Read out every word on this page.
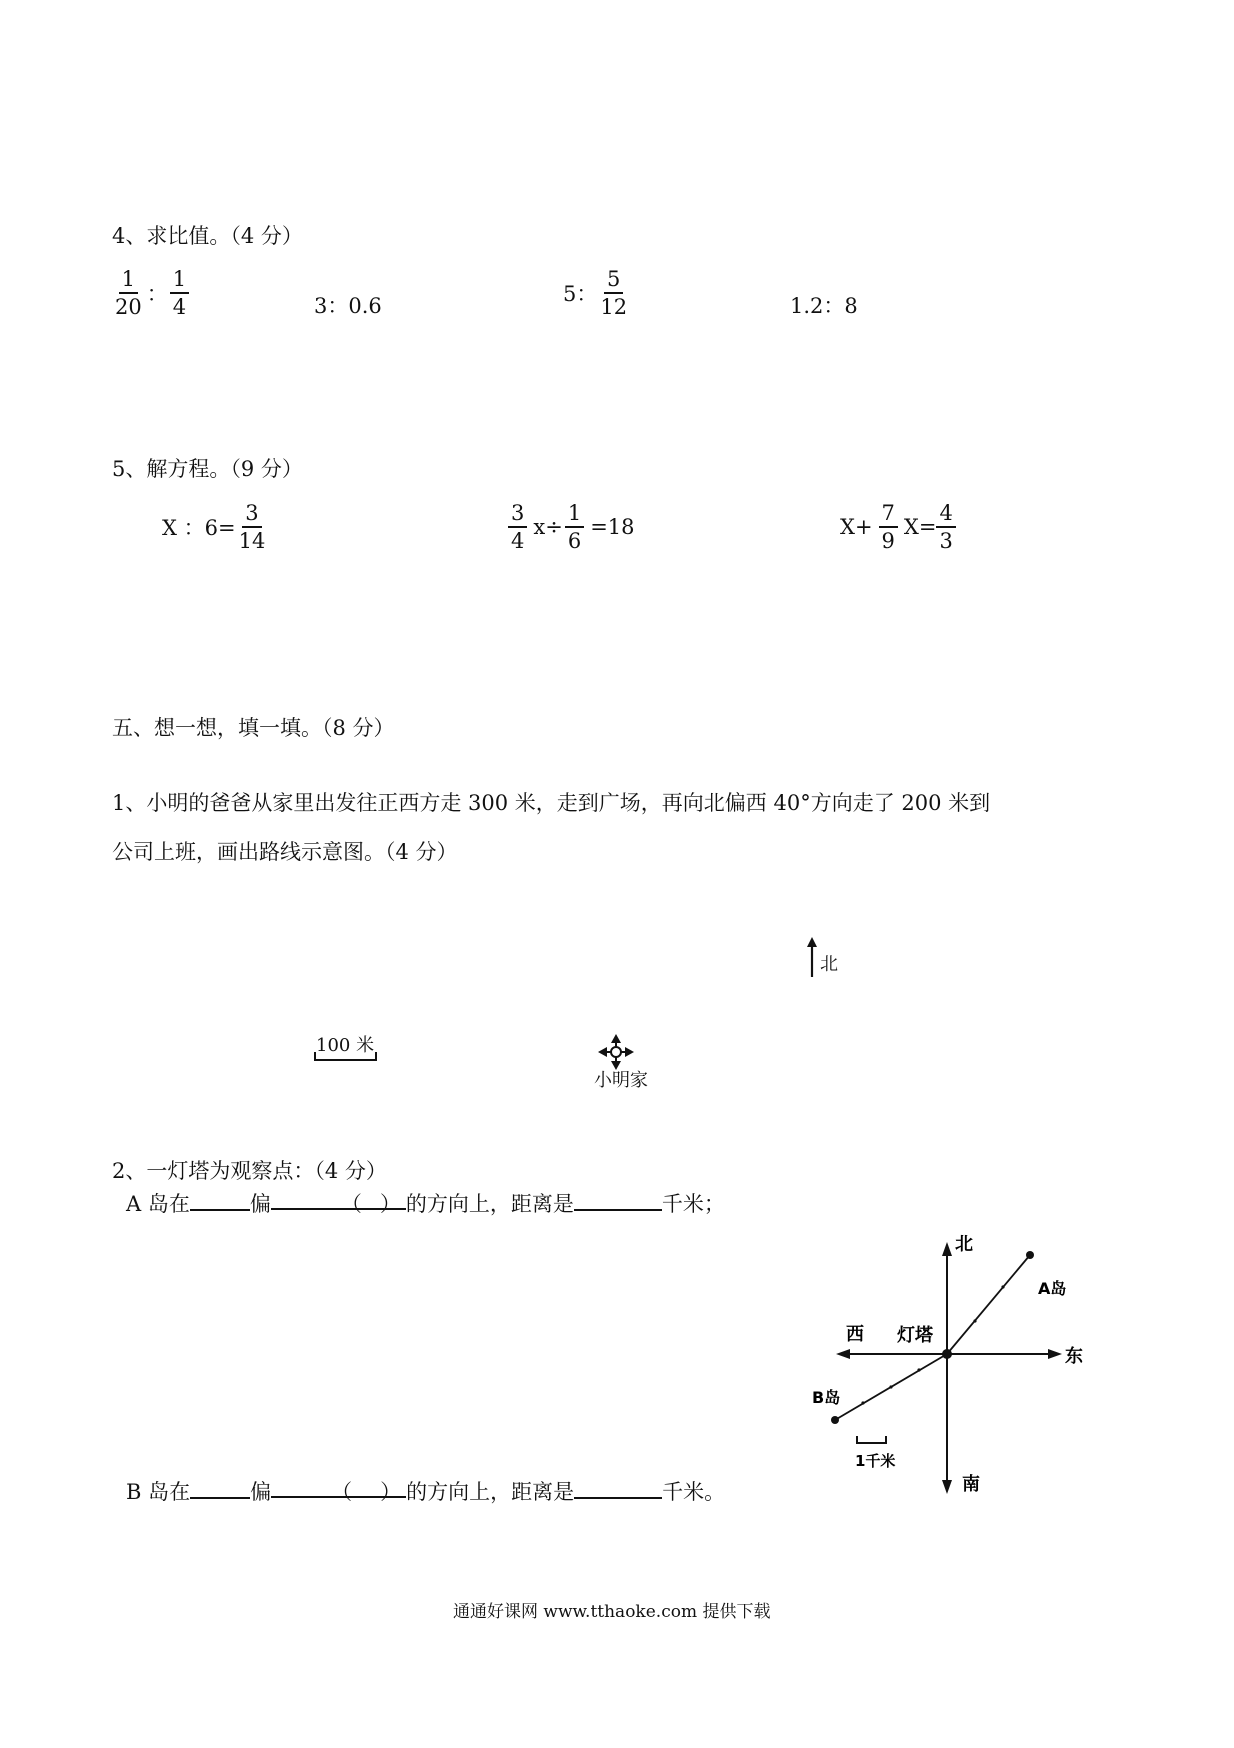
4、求比值。（4 分）
$\frac{1}{20}$ ： $\frac{1}{4}$	3：0.6	5： $\frac{5}{12}$	1.2：8
5、解方程。（9 分）
X ：$6= \frac{3}{14}$	$\frac{3}{4} x\div \frac{1}{6} =18$	$X+ \frac{7}{9} X= \frac{4}{3}$
五、想一想，填一填。（8 分）
1、小明的爸爸从家里出发往正西方走 300 米，走到广场，再向北偏西 40°方向走了 200 米到
公司上班，画出路线示意图。（4 分）
北
100 米
小明家
2、一灯塔为观察点：（4 分）
A 岛在	偏	（ ） 的方向上，距离是	千米；
B 岛在	偏	（ ） 的方向上，距离是	千米。
北
南
东
西 灯塔
A岛
B岛
1千米
通通好课网 www.tthaoke.com 提供下载
